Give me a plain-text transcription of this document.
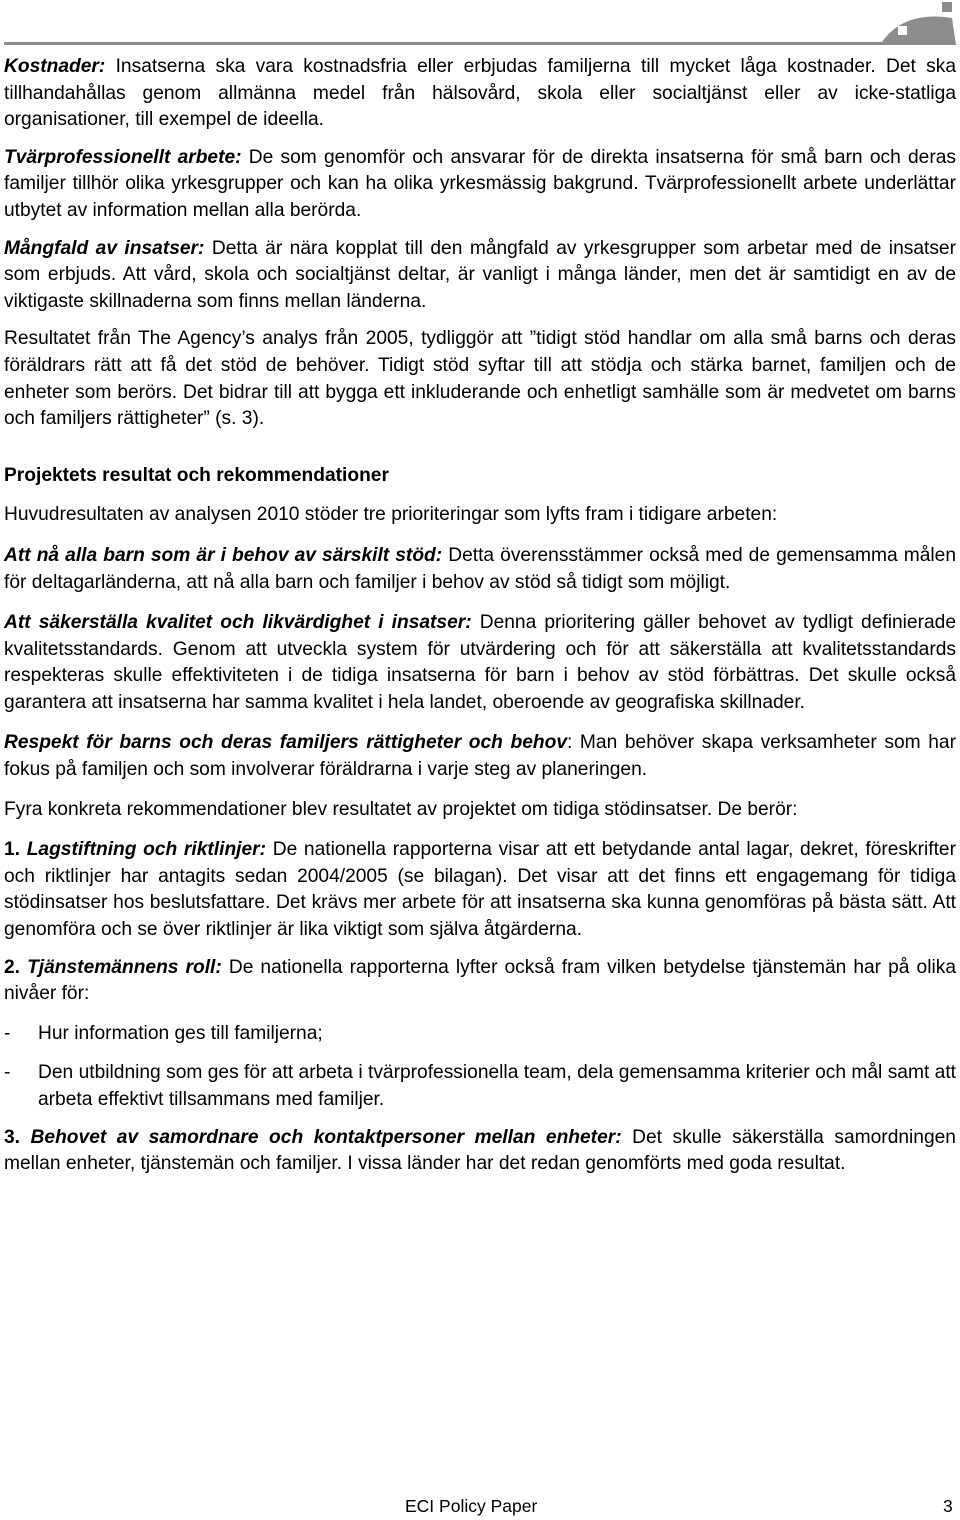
Kostnader: Insatserna ska vara kostnadsfria eller erbjudas familjerna till mycket låga kostnader. Det ska tillhandahållas genom allmänna medel från hälsovård, skola eller socialtjänst eller av icke-statliga organisationer, till exempel de ideella.

Tvärprofessionellt arbete: De som genomför och ansvarar för de direkta insatserna för små barn och deras familjer tillhör olika yrkesgrupper och kan ha olika yrkesmässig bakgrund. Tvärprofessionellt arbete underlättar utbytet av information mellan alla berörda.

Mångfald av insatser: Detta är nära kopplat till den mångfald av yrkesgrupper som arbetar med de insatser som erbjuds. Att vård, skola och socialtjänst deltar, är vanligt i många länder, men det är samtidigt en av de viktigaste skillnaderna som finns mellan länderna.

Resultatet från The Agency’s analys från 2005, tydliggör att ”tidigt stöd handlar om alla små barns och deras föräldrars rätt att få det stöd de behöver. Tidigt stöd syftar till att stödja och stärka barnet, familjen och de enheter som berörs. Det bidrar till att bygga ett inkluderande och enhetligt samhälle som är medvetet om barns och familjers rättigheter” (s. 3).

Projektets resultat och rekommendationer

Huvudresultaten av analysen 2010 stöder tre prioriteringar som lyfts fram i tidigare arbeten:

Att nå alla barn som är i behov av särskilt stöd: Detta överensstämmer också med de gemensamma målen för deltagarländerna, att nå alla barn och familjer i behov av stöd så tidigt som möjligt.

Att säkerställa kvalitet och likvärdighet i insatser: Denna prioritering gäller behovet av tydligt definierade kvalitetsstandards. Genom att utveckla system för utvärdering och för att säkerställa att kvalitetsstandards respekteras skulle effektiviteten i de tidiga insatserna för barn i behov av stöd förbättras. Det skulle också garantera att insatserna har samma kvalitet i hela landet, oberoende av geografiska skillnader.

Respekt för barns och deras familjers rättigheter och behov: Man behöver skapa verksamheter som har fokus på familjen och som involverar föräldrarna i varje steg av planeringen.

Fyra konkreta rekommendationer blev resultatet av projektet om tidiga stödinsatser. De berör:

1. Lagstiftning och riktlinjer: De nationella rapporterna visar att ett betydande antal lagar, dekret, föreskrifter och riktlinjer har antagits sedan 2004/2005 (se bilagan). Det visar att det finns ett engagemang för tidiga stödinsatser hos beslutsfattare. Det krävs mer arbete för att insatserna ska kunna genomföras på bästa sätt. Att genomföra och se över riktlinjer är lika viktigt som själva åtgärderna.

2. Tjänstemännens roll: De nationella rapporterna lyfter också fram vilken betydelse tjänstemän har på olika nivåer för:

- Hur information ges till familjerna;
- Den utbildning som ges för att arbeta i tvärprofessionella team, dela gemensamma kriterier och mål samt att arbeta effektivt tillsammans med familjer.

3. Behovet av samordnare och kontaktpersoner mellan enheter: Det skulle säkerställa samordningen mellan enheter, tjänstemän och familjer. I vissa länder har det redan genomförts med goda resultat.

ECI Policy Paper	3
